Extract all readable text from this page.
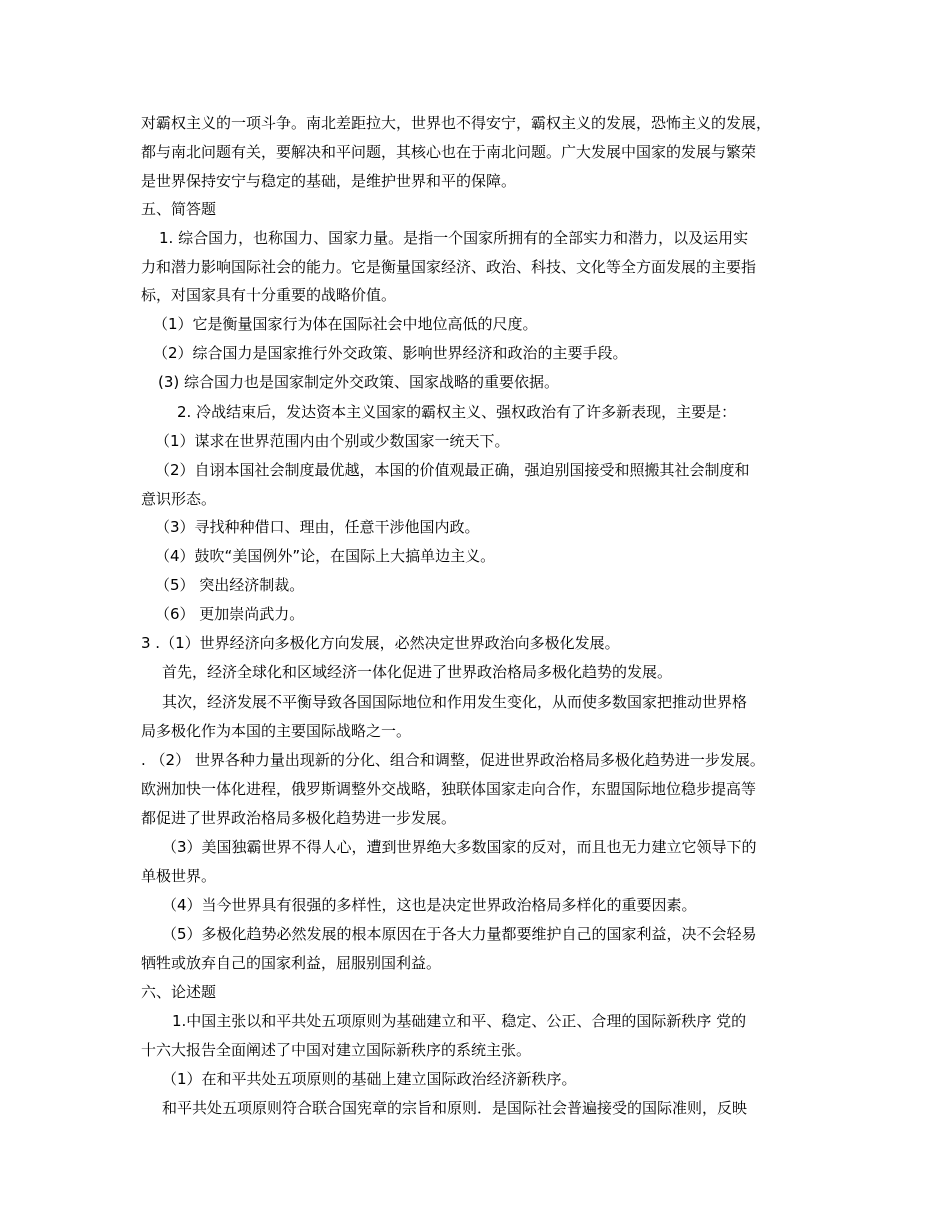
对霸权主义的一项斗争。南北差距拉大，世界也不得安宁，霸权主义的发展，恐怖主义的发展，
都与南北问题有关，要解决和平问题，其核心也在于南北问题。广大发展中国家的发展与繁荣
是世界保持安宁与稳定的基础，是维护世界和平的保障。
五、简答题
1. 综合国力，也称国力、国家力量。是指一个国家所拥有的全部实力和潜力，以及运用实
力和潜力影响国际社会的能力。它是衡量国家经济、政治、科技、文化等全方面发展的主要指
标，对国家具有十分重要的战略价值。
（1）它是衡量国家行为体在国际社会中地位高低的尺度。
（2）综合国力是国家推行外交政策、影响世界经济和政治的主要手段。
(3) 综合国力也是国家制定外交政策、国家战略的重要依据。
2. 冷战结束后，发达资本主义国家的霸权主义、强权政治有了许多新表现，主要是：
（1）谋求在世界范围内由个别或少数国家一统天下。
（2）自诩本国社会制度最优越，本国的价值观最正确，强迫别国接受和照搬其社会制度和
意识形态。
（3）寻找种种借口、理由，任意干涉他国内政。
（4）鼓吹“美国例外”论，在国际上大搞单边主义。
（5） 突出经济制裁。
（6） 更加崇尚武力。
3 .（1）世界经济向多极化方向发展，必然决定世界政治向多极化发展。
首先，经济全球化和区域经济一体化促进了世界政治格局多极化趋势的发展。
其次，经济发展不平衡导致各国国际地位和作用发生变化，从而使多数国家把推动世界格
局多极化作为本国的主要国际战略之一。
. （2） 世界各种力量出现新的分化、组合和调整，促进世界政治格局多极化趋势进一步发展。
欧洲加快一体化进程，俄罗斯调整外交战略，独联体国家走向合作，东盟国际地位稳步提高等
都促进了世界政治格局多极化趋势进一步发展。
（3）美国独霸世界不得人心，遭到世界绝大多数国家的反对，而且也无力建立它领导下的
单极世界。
（4）当今世界具有很强的多样性，这也是决定世界政治格局多样化的重要因素。
（5）多极化趋势必然发展的根本原因在于各大力量都要维护自己的国家利益，决不会轻易
牺牲或放弃自己的国家利益，屈服别国利益。
六、论述题
1.中国主张以和平共处五项原则为基础建立和平、稳定、公正、合理的国际新秩序 党的
十六大报告全面阐述了中国对建立国际新秩序的系统主张。
（1）在和平共处五项原则的基础上建立国际政治经济新秩序。
和平共处五项原则符合联合国宪章的宗旨和原则．是国际社会普遍接受的国际准则，反映
